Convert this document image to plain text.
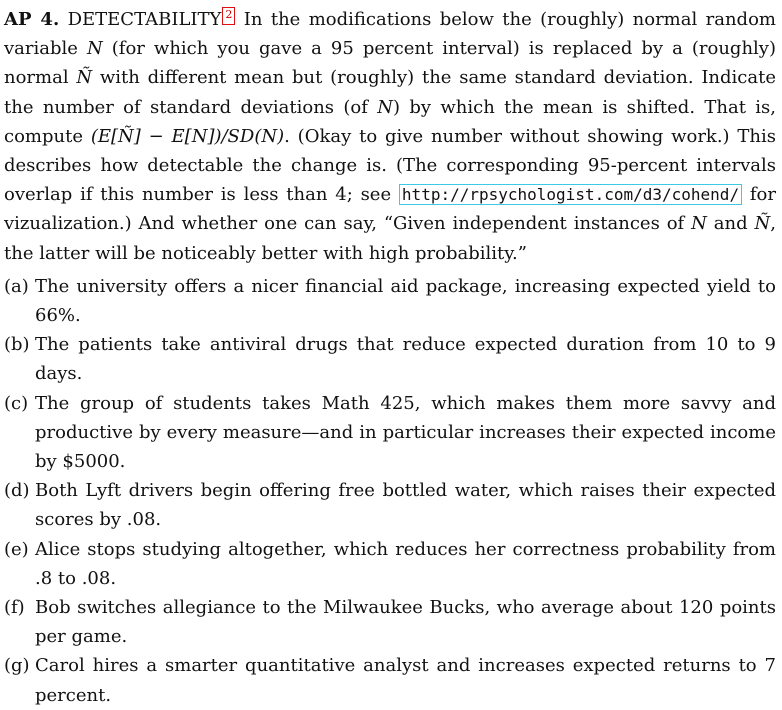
AP 4. DETECTABILITY 2 In the modifications below the (roughly) normal random variable N (for which you gave a 95 percent interval) is replaced by a (roughly) normal Ñ with different mean but (roughly) the same standard deviation. Indicate the number of standard deviations (of N) by which the mean is shifted. That is, compute (E[Ñ] − E[N])/SD(N). (Okay to give number without showing work.) This describes how detectable the change is. (The corresponding 95-percent intervals overlap if this number is less than 4; see http://rpsychologist.com/d3/cohend/ for vizualization.) And whether one can say, “Given independent instances of N and Ñ, the latter will be noticeably better with high probability.”

(a) The university offers a nicer financial aid package, increasing expected yield to 66%.
(b) The patients take antiviral drugs that reduce expected duration from 10 to 9 days.
(c) The group of students takes Math 425, which makes them more savvy and productive by every measure—and in particular increases their expected income by $5000.
(d) Both Lyft drivers begin offering free bottled water, which raises their expected scores by .08.
(e) Alice stops studying altogether, which reduces her correctness probability from .8 to .08.
(f) Bob switches allegiance to the Milwaukee Bucks, who average about 120 points per game.
(g) Carol hires a smarter quantitative analyst and increases expected returns to 7 percent.
